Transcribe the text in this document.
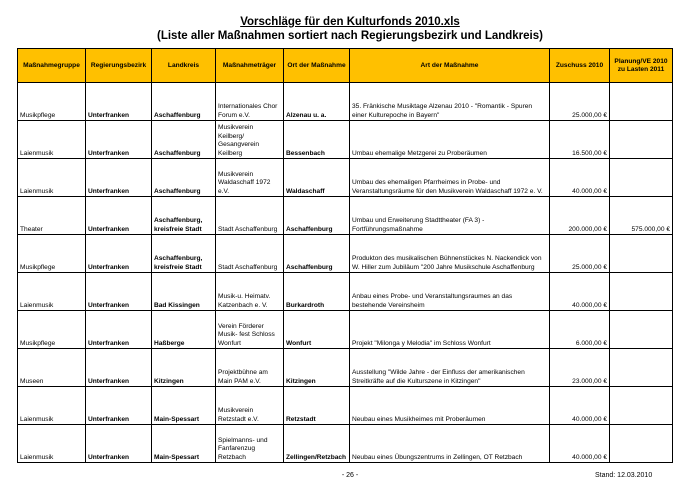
Vorschläge für den Kulturfonds 2010.xls
(Liste aller Maßnahmen sortiert nach Regierungsbezirk und Landkreis)
Maßnahmegruppe	Regierungsbezirk	Landkreis	Maßnahmeträger	Ort der Maßnahme	Art der Maßnahme	Zuschuss 2010	Planung/VE 2010 zu Lasten 2011
Musikpflege	Unterfranken	Aschaffenburg	Internationales Chor Forum e.V.	Alzenau u. a.	35. Fränkische Musiktage Alzenau 2010 - "Romantik - Spuren einer Kulturepoche in Bayern"	25.000,00 €	
Laienmusik	Unterfranken	Aschaffenburg	Musikverein Keilberg/ Gesangverein Keilberg	Bessenbach	Umbau ehemalige Metzgerei zu Proberäumen	16.500,00 €	
Laienmusik	Unterfranken	Aschaffenburg	Musikverein Waldaschaff 1972 e.V.	Waldaschaff	Umbau des ehemaligen Pfarrheimes in Probe- und Veranstaltungsräume für den Musikverein Waldaschaff 1972 e. V.	40.000,00 €	
Theater	Unterfranken	Aschaffenburg, kreisfreie Stadt	Stadt Aschaffenburg	Aschaffenburg	Umbau und Erweiterung Stadttheater (FA 3) - Fortführungsmaßnahme	200.000,00 €	575.000,00 €
Musikpflege	Unterfranken	Aschaffenburg, kreisfreie Stadt	Stadt Aschaffenburg	Aschaffenburg	Produkton des musikalischen Bühnenstückes N. Nackendick von W. Hiller zum Jubiläum "200 Jahre Musikschule Aschaffenburg	25.000,00 €	
Laienmusik	Unterfranken	Bad Kissingen	Musik-u. Heimatv. Katzenbach e. V.	Burkardroth	Anbau eines Probe- und Veranstaltungsraumes an das bestehende Vereinsheim	40.000,00 €	
Musikpflege	Unterfranken	Haßberge	Verein Förderer Musik- fest Schloss Wonfurt	Wonfurt	Projekt "Milonga y Melodia" im Schloss Wonfurt	6.000,00 €	
Museen	Unterfranken	Kitzingen	Projektbühne am Main PAM e.V.	Kitzingen	Ausstellung "Wilde Jahre - der Einfluss der amerikanischen Streitkräfte auf die Kulturszene in Kitzingen"	23.000,00 €	
Laienmusik	Unterfranken	Main-Spessart	Musikverein Retzstadt e.V.	Retzstadt	Neubau eines Musikheimes mit Proberäumen	40.000,00 €	
Laienmusik	Unterfranken	Main-Spessart	Spielmanns- und Fanfarenzug Retzbach	Zellingen/Retzbach	Neubau eines Übungszentrums in Zellingen, OT Retzbach	40.000,00 €	
- 26 -	Stand: 12.03.2010
